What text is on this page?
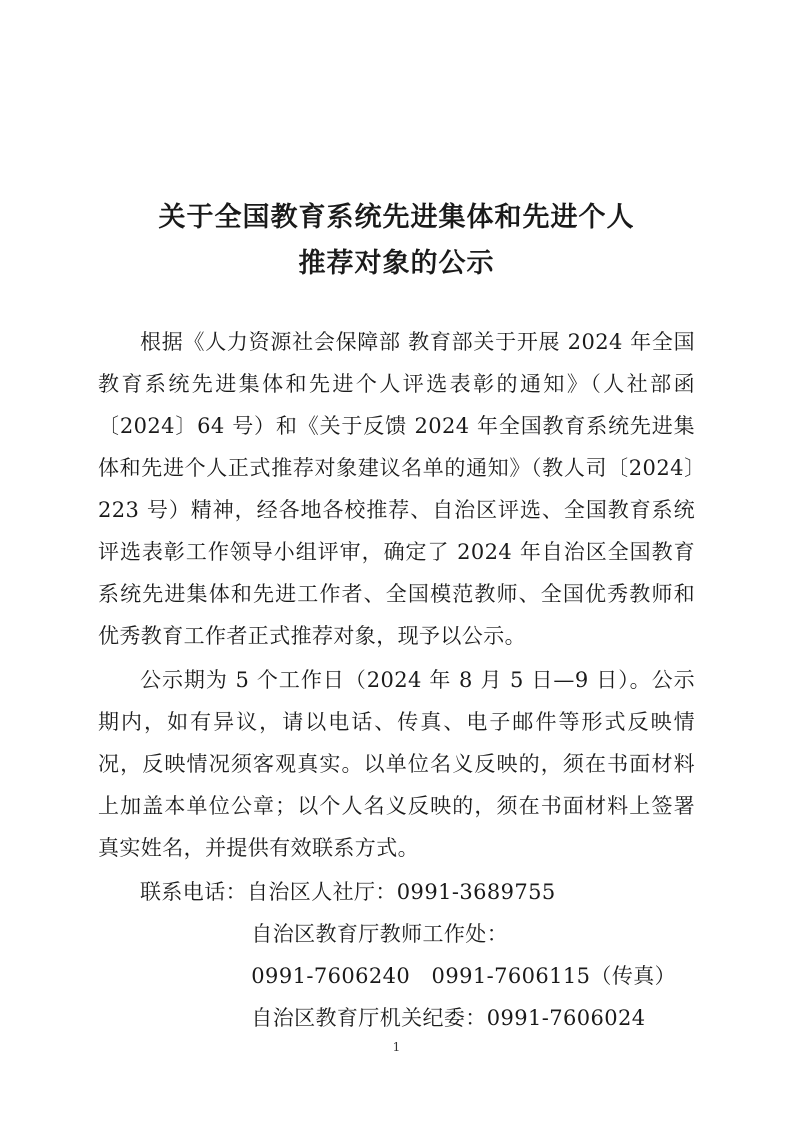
关于全国教育系统先进集体和先进个人
推荐对象的公示

根据《人力资源社会保障部 教育部关于开展 2024 年全国教育系统先进集体和先进个人评选表彰的通知》（人社部函〔2024〕64 号）和《关于反馈 2024 年全国教育系统先进集体和先进个人正式推荐对象建议名单的通知》（教人司〔2024〕223 号）精神，经各地各校推荐、自治区评选、全国教育系统评选表彰工作领导小组评审，确定了 2024 年自治区全国教育系统先进集体和先进工作者、全国模范教师、全国优秀教师和优秀教育工作者正式推荐对象，现予以公示。

公示期为 5 个工作日（2024 年 8 月 5 日—9 日）。公示期内，如有异议，请以电话、传真、电子邮件等形式反映情况，反映情况须客观真实。以单位名义反映的，须在书面材料上加盖本单位公章；以个人名义反映的，须在书面材料上签署真实姓名，并提供有效联系方式。

联系电话：自治区人社厅：0991-3689755

自治区教育厅教师工作处：

0991-7606240　0991-7606115（传真）

自治区教育厅机关纪委：0991-7606024

1
